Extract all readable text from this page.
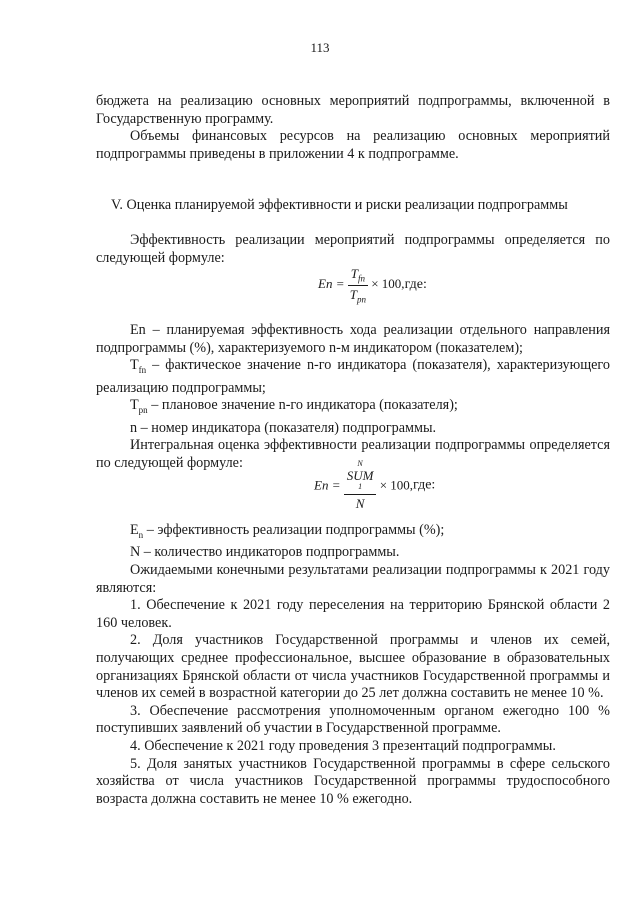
113

бюджета на реализацию основных мероприятий подпрограммы, включенной в Государственную программу.

Объемы финансовых ресурсов на реализацию основных мероприятий подпрограммы приведены в приложении 4 к подпрограмме.

V. Оценка планируемой эффективности и риски реализации подпрограммы

Эффективность реализации мероприятий подпрограммы определяется по следующей формуле:

$En = \frac{T_{fn}}{T_{pn}} \times 100,где$:

En – планируемая эффективность хода реализации отдельного направления подпрограммы (%), характеризуемого n-м индикатором (показателем);

$T_{fn}$ – фактическое значение n-го индикатора (показателя), характеризующего реализацию подпрограммы;

$T_{pn}$ – плановое значение n-го индикатора (показателя);

n – номер индикатора (показателя) подпрограммы.

Интегральная оценка эффективности реализации подпрограммы определяется по следующей формуле:

En = N
SUM
1
N × 100,где:

$E_n$ – эффективность реализации подпрограммы (%);

N – количество индикаторов подпрограммы.

Ожидаемыми конечными результатами реализации подпрограммы к 2021 году являются:

1. Обеспечение к 2021 году переселения на территорию Брянской области 2 160 человек.

2. Доля участников Государственной программы и членов их семей, получающих среднее профессиональное, высшее образование в образовательных организациях Брянской области от числа участников Государственной программы и членов их семей в возрастной категории до 25 лет должна составить не менее 10 %.

3. Обеспечение рассмотрения уполномоченным органом ежегодно 100 % поступивших заявлений об участии в Государственной программе.

4. Обеспечение к 2021 году проведения 3 презентаций подпрограммы.

5. Доля занятых участников Государственной программы в сфере сельского хозяйства от числа участников Государственной программы трудоспособного возраста должна составить не менее 10 % ежегодно.
